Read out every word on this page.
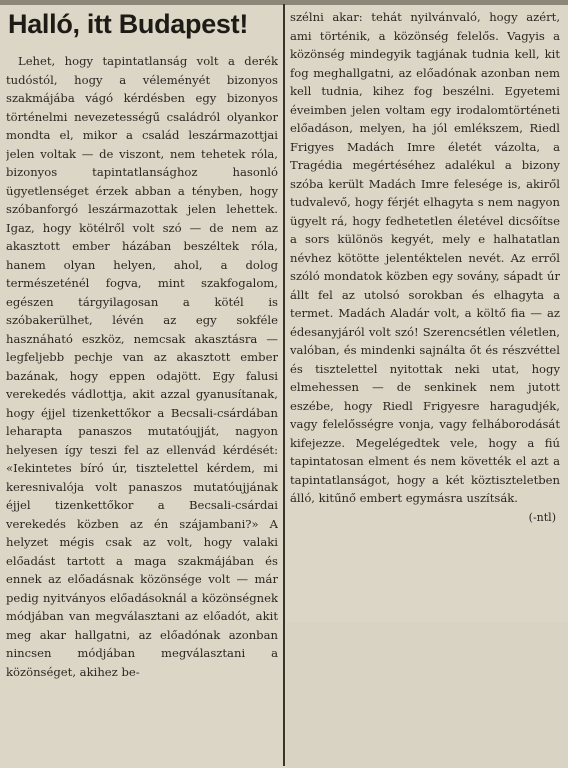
Halló, itt Budapest!

Lehet, hogy tapintatlanság volt a derék tudóstól, hogy a véleményét bizonyos szakmájába vágó kérdésben egy bizonyos történelmi nevezetességű családról olyankor mondta el, mikor a család leszármazottjai jelen voltak — de viszont, nem tehetek róla, bizonyos tapintatlansághoz hasonló ügyetlenséget érzek abban a tényben, hogy szóbanforgó leszármazottak jelen lehettek. Igaz, hogy kötélről volt szó — de nem az akasztott ember házában beszéltek róla, hanem olyan helyen, ahol, a dolog természeténél fogva, mint szakfogalom, egészen tárgyilagosan a kötél is szóbakerülhet, lévén az egy sokféle hasznáható eszköz, nemcsak akasztásra — legfeljebb pechje van az akasztott ember bazának, hogy eppen odajött. Egy falusi verekedés vádlottja, akit azzal gyanusítanak, hogy éjjel tizenkettőkor a Becsali-csárdában leharapta panaszos mutatóujját, nagyon helyesen így teszi fel az ellenvád kérdését: «Iekintetes bíró úr, tisztelettel kérdem, mi keresnivalója volt panaszos mutatóujjának éjjel tizenkettőkor a Becsali-csárdai verekedés közben az én szájambani?» A helyzet mégis csak az volt, hogy valaki előadást tartott a maga szakmájában és ennek az előadásnak közönsége volt — már pedig nyitványos előadásoknál a közönségnek módjában van megválasztani az előadót, akit meg akar hallgatni, az előadónak azonban nincsen módjában megválasztani a közönséget, akihez be-

szélni akar: tehát nyilvánvaló, hogy azért, ami történik, a közönség felelős. Vagyis a közönség mindegyik tagjának tudnia kell, kit fog meghallgatni, az előadónak azonban nem kell tudnia, kihez fog beszélni. Egyetemi éveimben jelen voltam egy irodalomtörténeti előadáson, melyen, ha jól emlékszem, Riedl Frigyes Madách Imre életét vázolta, a Tragédia megértéséhez adalékul a bizony szóba került Madách Imre felesége is, akiről tudvalevő, hogy férjét elhagyta s nem nagyon ügyelt rá, hogy fedhetetlen életével dicsőítse a sors különös kegyét, mely e halhatatlan névhez kötötte jelentéktelen nevét. Az erről szóló mondatok közben egy sovány, sápadt úr állt fel az utolsó sorokban és elhagyta a termet. Madách Aladár volt, a költő fia — az édesanyjáról volt szó! Szerencsétlen véletlen, valóban, és mindenki sajnálta őt és részvéttel és tisztelettel nyitottak neki utat, hogy elmehessen — de senkinek nem jutott eszébe, hogy Riedl Frigyesre haragudjék, vagy felelősségre vonja, vagy felháborodását kifejezze. Megelégedtek vele, hogy a fiú tapintatosan elment és nem követték el azt a tapintatlanságot, hogy a két köztiszteletben álló, kitűnő embert egymásra uszítsák.

(-ntl)
